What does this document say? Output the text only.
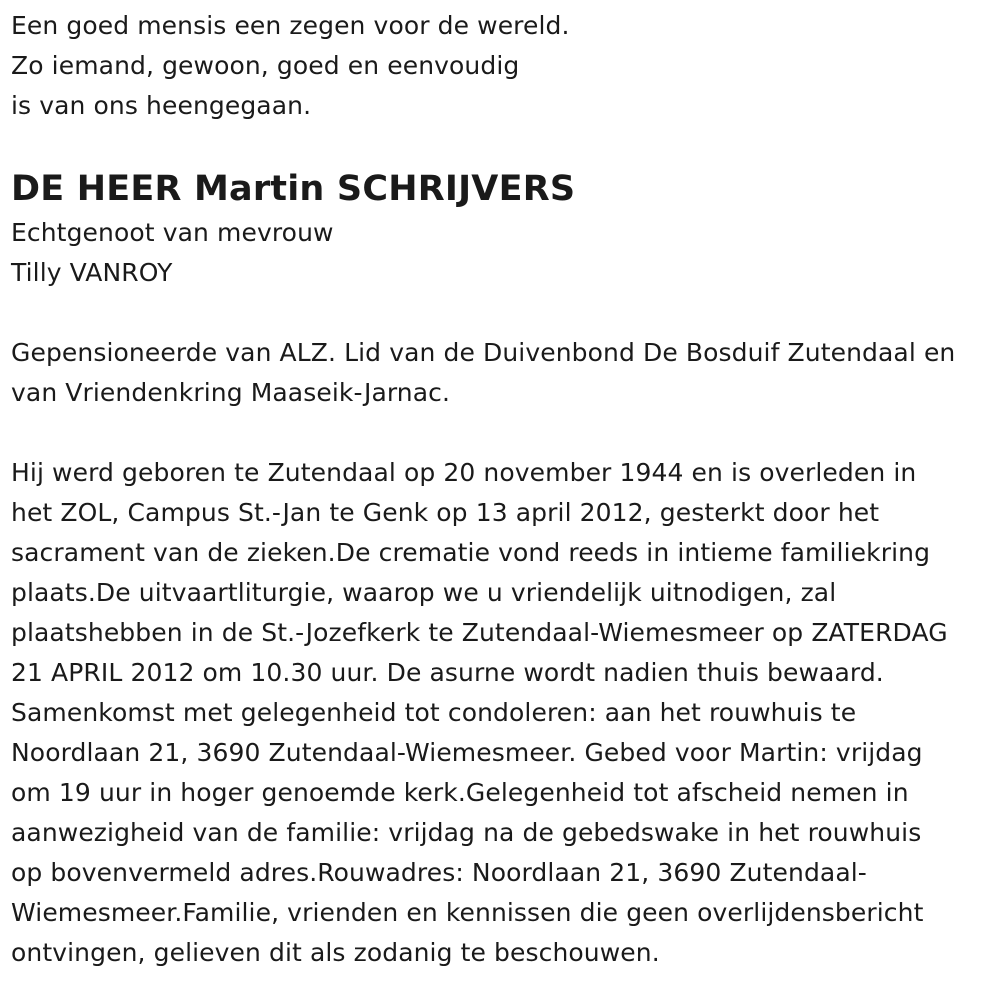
Een goed mensis een zegen voor de wereld.
Zo iemand, gewoon, goed en eenvoudig
is van ons heengegaan.
DE HEER Martin SCHRIJVERS
Echtgenoot van mevrouw
Tilly VANROY
Gepensioneerde van ALZ. Lid van de Duivenbond De Bosduif Zutendaal en
van Vriendenkring Maaseik-Jarnac.
Hij werd geboren te Zutendaal op 20 november 1944 en is overleden in
het ZOL, Campus St.-Jan te Genk op 13 april 2012, gesterkt door het
sacrament van de zieken.De crematie vond reeds in intieme familiekring
plaats.De uitvaartliturgie, waarop we u vriendelijk uitnodigen, zal
plaatshebben in de St.-Jozefkerk te Zutendaal-Wiemesmeer op ZATERDAG
21 APRIL 2012 om 10.30 uur. De asurne wordt nadien thuis bewaard.
Samenkomst met gelegenheid tot condoleren: aan het rouwhuis te
Noordlaan 21, 3690 Zutendaal-Wiemesmeer. Gebed voor Martin: vrijdag
om 19 uur in hoger genoemde kerk.Gelegenheid tot afscheid nemen in
aanwezigheid van de familie: vrijdag na de gebedswake in het rouwhuis
op bovenvermeld adres.Rouwadres: Noordlaan 21, 3690 Zutendaal-
Wiemesmeer.Familie, vrienden en kennissen die geen overlijdensbericht
ontvingen, gelieven dit als zodanig te beschouwen.
